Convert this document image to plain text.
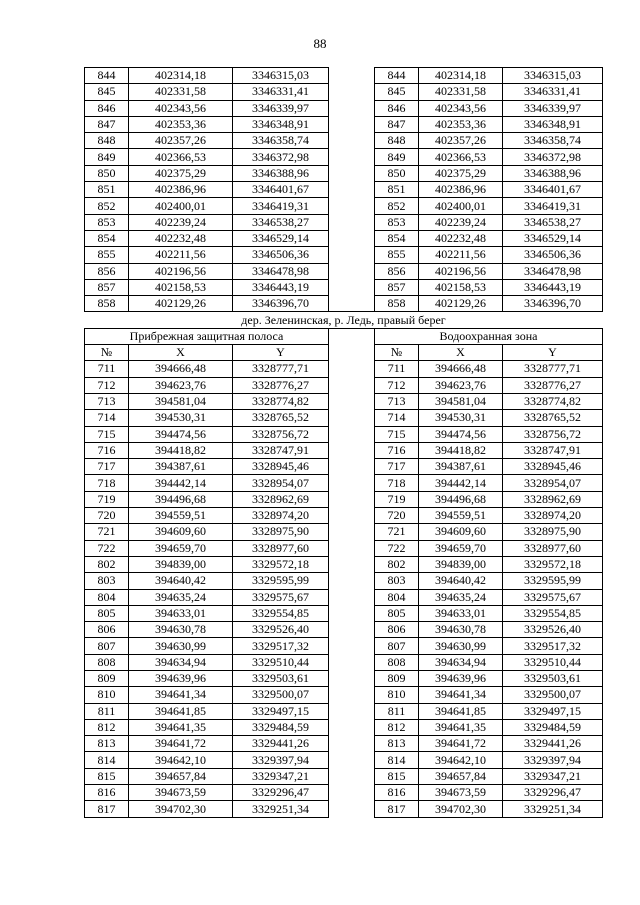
88
844	402314,18	3346315,03		844	402314,18	3346315,03
845	402331,58	3346331,41		845	402331,58	3346331,41
846	402343,56	3346339,97		846	402343,56	3346339,97
847	402353,36	3346348,91		847	402353,36	3346348,91
848	402357,26	3346358,74		848	402357,26	3346358,74
849	402366,53	3346372,98		849	402366,53	3346372,98
850	402375,29	3346388,96		850	402375,29	3346388,96
851	402386,96	3346401,67		851	402386,96	3346401,67
852	402400,01	3346419,31		852	402400,01	3346419,31
853	402239,24	3346538,27		853	402239,24	3346538,27
854	402232,48	3346529,14		854	402232,48	3346529,14
855	402211,56	3346506,36		855	402211,56	3346506,36
856	402196,56	3346478,98		856	402196,56	3346478,98
857	402158,53	3346443,19		857	402158,53	3346443,19
858	402129,26	3346396,70		858	402129,26	3346396,70
дер. Зеленинская, р. Ледь, правый берег						
Прибрежная защитная полоса				Водоохранная зона		
№	X	Y		№	X	Y
711	394666,48	3328777,71		711	394666,48	3328777,71
712	394623,76	3328776,27		712	394623,76	3328776,27
713	394581,04	3328774,82		713	394581,04	3328774,82
714	394530,31	3328765,52		714	394530,31	3328765,52
715	394474,56	3328756,72		715	394474,56	3328756,72
716	394418,82	3328747,91		716	394418,82	3328747,91
717	394387,61	3328945,46		717	394387,61	3328945,46
718	394442,14	3328954,07		718	394442,14	3328954,07
719	394496,68	3328962,69		719	394496,68	3328962,69
720	394559,51	3328974,20		720	394559,51	3328974,20
721	394609,60	3328975,90		721	394609,60	3328975,90
722	394659,70	3328977,60		722	394659,70	3328977,60
802	394839,00	3329572,18		802	394839,00	3329572,18
803	394640,42	3329595,99		803	394640,42	3329595,99
804	394635,24	3329575,67		804	394635,24	3329575,67
805	394633,01	3329554,85		805	394633,01	3329554,85
806	394630,78	3329526,40		806	394630,78	3329526,40
807	394630,99	3329517,32		807	394630,99	3329517,32
808	394634,94	3329510,44		808	394634,94	3329510,44
809	394639,96	3329503,61		809	394639,96	3329503,61
810	394641,34	3329500,07		810	394641,34	3329500,07
811	394641,85	3329497,15		811	394641,85	3329497,15
812	394641,35	3329484,59		812	394641,35	3329484,59
813	394641,72	3329441,26		813	394641,72	3329441,26
814	394642,10	3329397,94		814	394642,10	3329397,94
815	394657,84	3329347,21		815	394657,84	3329347,21
816	394673,59	3329296,47		816	394673,59	3329296,47
817	394702,30	3329251,34		817	394702,30	3329251,34
